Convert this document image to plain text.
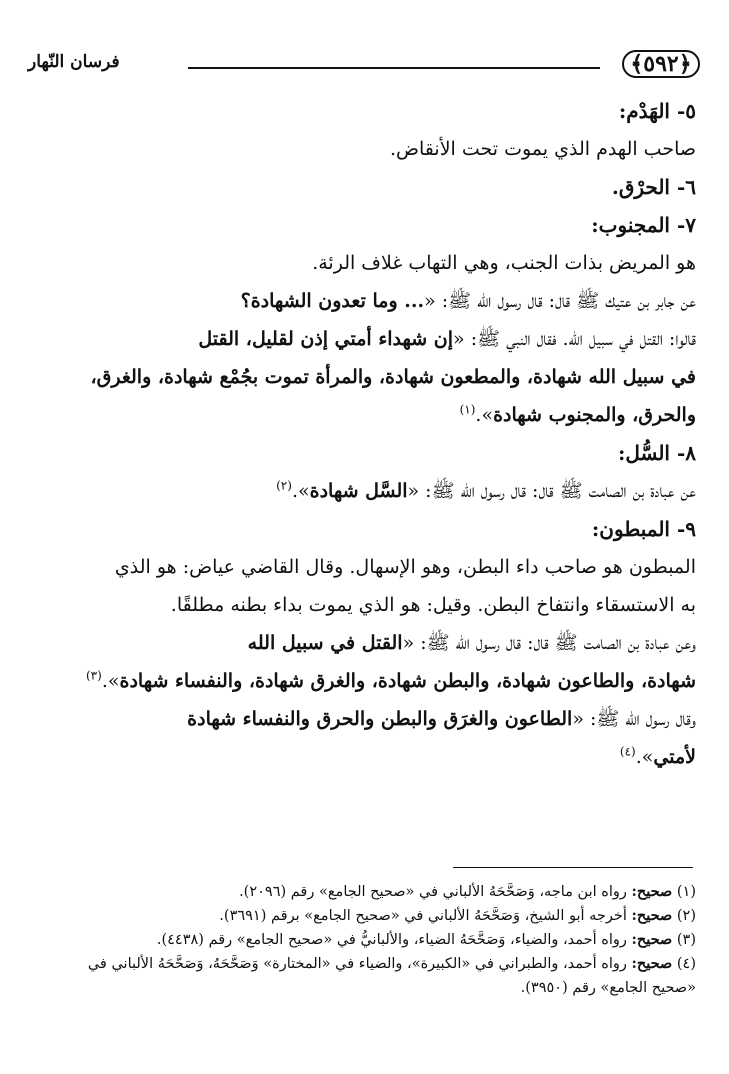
﴿٥٩٢﴾
فرسان النّهار

٥- الهَدْم:

صاحب الهدم الذي يموت تحت الأنقاض.

٦- الحرْق.

٧- المجنوب:

هو المريض بذات الجنب، وهي التهاب غلاف الرئة.

عن جابر بن عتيك ﷺ قال: قال رسول الله ﷺ: «... وما تعدون الشهادة؟

قالوا: القتل في سبيل الله. فقال النبي ﷺ: «إن شهداء أمتي إذن لقليل، القتل

في سبيل الله شهادة، والمطعون شهادة، والمرأة تموت بجُمْع شهادة، والغرق،

والحرق، والمجنوب شهادة».$^{(١)}$

٨- السُّل:

عن عبادة بن الصامت ﷺ قال: قال رسول الله ﷺ: «السَّل شهادة».$^{(٢)}$

٩- المبطون:

المبطون هو صاحب داء البطن، وهو الإسهال. وقال القاضي عياض: هو الذي

به الاستسقاء وانتفاخ البطن. وقيل: هو الذي يموت بداء بطنه مطلقًا.

وعن عبادة بن الصامت ﷺ قال: قال رسول الله ﷺ: «القتل في سبيل الله

شهادة، والطاعون شهادة، والبطن شهادة، والغرق شهادة، والنفساء شهادة».$^{(٣)}$

وقال رسول الله ﷺ: «الطاعون والغرَق والبطن والحرق والنفساء شهادة

لأمتي».$^{(٤)}$

(١) صحيح: رواه ابن ماجه، وَصَحَّحَهُ الألباني في «صحيح الجامع» رقم (٢٠٩٦).

(٢) صحيح: أخرجه أبو الشيخ، وَصَحَّحَهُ الألباني في «صحيح الجامع» برقم (٣٦٩١).

(٣) صحيح: رواه أحمد، والضياء، وَصَحَّحَهُ الضياء، والألبانيُّ في «صحيح الجامع» رقم (٤٤٣٨).

(٤) صحيح: رواه أحمد، والطبراني في «الكبيرة»، والضياء في «المختارة» وَصَحَّحَهُ، وَصَحَّحَهُ الألباني في

«صحيح الجامع» رقم (٣٩٥٠).
